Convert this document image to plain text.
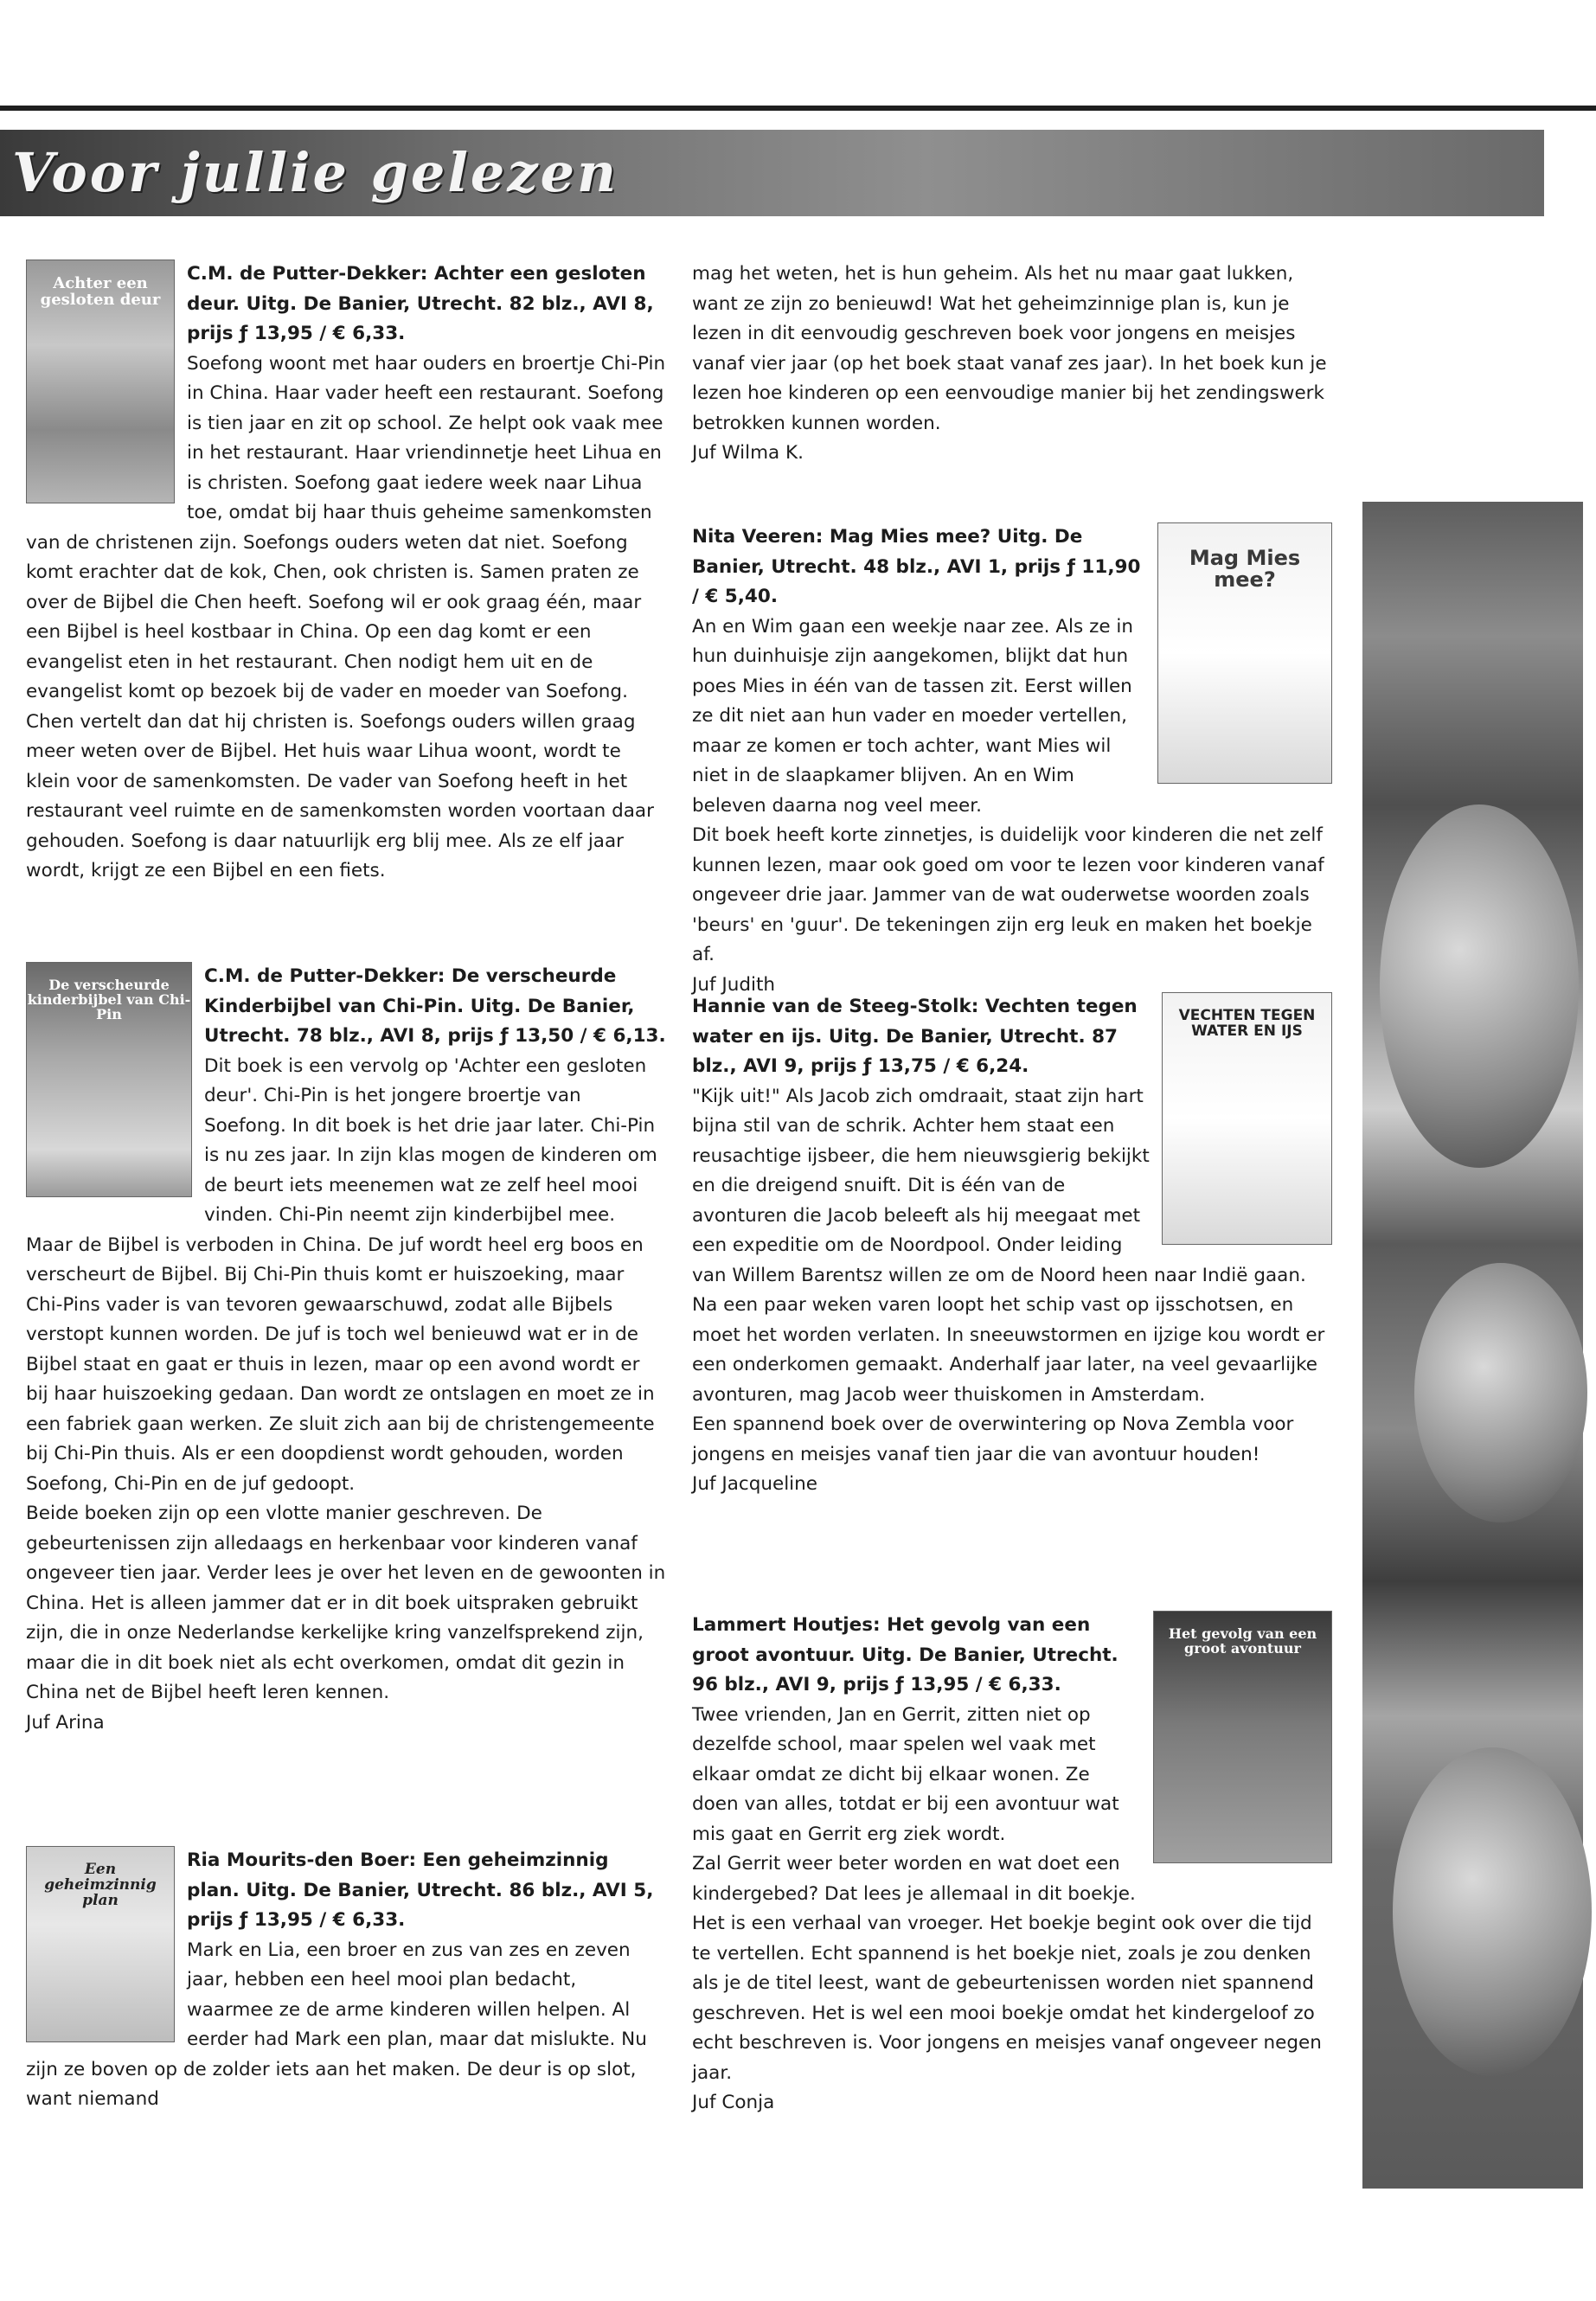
Voor jullie gelezen
Achter een gesloten deur

C.M. de Putter-Dekker: Achter een gesloten deur. Uitg. De Banier, Utrecht. 82 blz., AVI 8, prijs ƒ 13,95 / € 6,33.
Soefong woont met haar ouders en broertje Chi-Pin in China. Haar vader heeft een restaurant. Soefong is tien jaar en zit op school. Ze helpt ook vaak mee in het restaurant. Haar vriendinnetje heet Lihua en is christen. Soefong gaat iedere week naar Lihua toe, omdat bij haar thuis geheime samenkomsten van de christenen zijn. Soefongs ouders weten dat niet. Soefong komt erachter dat de kok, Chen, ook christen is. Samen praten ze over de Bijbel die Chen heeft. Soefong wil er ook graag één, maar een Bijbel is heel kostbaar in China. Op een dag komt er een evangelist eten in het restaurant. Chen nodigt hem uit en de evangelist komt op bezoek bij de vader en moeder van Soefong. Chen vertelt dan dat hij christen is. Soefongs ouders willen graag meer weten over de Bijbel. Het huis waar Lihua woont, wordt te klein voor de samenkomsten. De vader van Soefong heeft in het restaurant veel ruimte en de samenkomsten worden voortaan daar gehouden. Soefong is daar natuurlijk erg blij mee. Als ze elf jaar wordt, krijgt ze een Bijbel en een fiets.

De verscheurde kinderbijbel van Chi-Pin

C.M. de Putter-Dekker: De verscheurde Kinderbijbel van Chi-Pin. Uitg. De Banier, Utrecht. 78 blz., AVI 8, prijs ƒ 13,50 / € 6,13.
Dit boek is een vervolg op 'Achter een gesloten deur'. Chi-Pin is het jongere broertje van Soefong. In dit boek is het drie jaar later. Chi-Pin is nu zes jaar. In zijn klas mogen de kinderen om de beurt iets meenemen wat ze zelf heel mooi vinden. Chi-Pin neemt zijn kinderbijbel mee. Maar de Bijbel is verboden in China. De juf wordt heel erg boos en verscheurt de Bijbel. Bij Chi-Pin thuis komt er huiszoeking, maar Chi-Pins vader is van tevoren gewaarschuwd, zodat alle Bijbels verstopt kunnen worden. De juf is toch wel benieuwd wat er in de Bijbel staat en gaat er thuis in lezen, maar op een avond wordt er bij haar huiszoeking gedaan. Dan wordt ze ontslagen en moet ze in een fabriek gaan werken. Ze sluit zich aan bij de christengemeente bij Chi-Pin thuis. Als er een doopdienst wordt gehouden, worden Soefong, Chi-Pin en de juf gedoopt.

Beide boeken zijn op een vlotte manier geschreven. De gebeurtenissen zijn alledaags en herkenbaar voor kinderen vanaf ongeveer tien jaar. Verder lees je over het leven en de gewoonten in China. Het is alleen jammer dat er in dit boek uitspraken gebruikt zijn, die in onze Nederlandse kerkelijke kring vanzelfsprekend zijn, maar die in dit boek niet als echt overkomen, omdat dit gezin in China net de Bijbel heeft leren kennen.

Juf Arina

Een geheimzinnig plan

Ria Mourits-den Boer: Een geheimzinnig plan. Uitg. De Banier, Utrecht. 86 blz., AVI 5, prijs ƒ 13,95 / € 6,33.
Mark en Lia, een broer en zus van zes en zeven jaar, hebben een heel mooi plan bedacht, waarmee ze de arme kinderen willen helpen. Al eerder had Mark een plan, maar dat mislukte. Nu zijn ze boven op de zolder iets aan het maken. De deur is op slot, want niemand

mag het weten, het is hun geheim. Als het nu maar gaat lukken, want ze zijn zo benieuwd! Wat het geheimzinnige plan is, kun je lezen in dit eenvoudig geschreven boek voor jongens en meisjes vanaf vier jaar (op het boek staat vanaf zes jaar). In het boek kun je lezen hoe kinderen op een eenvoudige manier bij het zendingswerk betrokken kunnen worden.

Juf Wilma K.

Mag Mies mee?

Nita Veeren: Mag Mies mee? Uitg. De Banier, Utrecht. 48 blz., AVI 1, prijs ƒ 11,90 / € 5,40.
An en Wim gaan een weekje naar zee. Als ze in hun duinhuisje zijn aangekomen, blijkt dat hun poes Mies in één van de tassen zit. Eerst willen ze dit niet aan hun vader en moeder vertellen, maar ze komen er toch achter, want Mies wil niet in de slaapkamer blijven. An en Wim beleven daarna nog veel meer.

Dit boek heeft korte zinnetjes, is duidelijk voor kinderen die net zelf kunnen lezen, maar ook goed om voor te lezen voor kinderen vanaf ongeveer drie jaar. Jammer van de wat ouderwetse woorden zoals 'beurs' en 'guur'. De tekeningen zijn erg leuk en maken het boekje af.

Juf Judith

VECHTEN TEGEN WATER EN IJS

Hannie van de Steeg-Stolk: Vechten tegen water en ijs. Uitg. De Banier, Utrecht. 87 blz., AVI 9, prijs ƒ 13,75 / € 6,24.
"Kijk uit!" Als Jacob zich omdraait, staat zijn hart bijna stil van de schrik. Achter hem staat een reusachtige ijsbeer, die hem nieuwsgierig bekijkt en die dreigend snuift. Dit is één van de avonturen die Jacob beleeft als hij meegaat met een expeditie om de Noordpool. Onder leiding van Willem Barentsz willen ze om de Noord heen naar Indië gaan. Na een paar weken varen loopt het schip vast op ijsschotsen, en moet het worden verlaten. In sneeuwstormen en ijzige kou wordt er een onderkomen gemaakt. Anderhalf jaar later, na veel gevaarlijke avonturen, mag Jacob weer thuiskomen in Amsterdam.

Een spannend boek over de overwintering op Nova Zembla voor jongens en meisjes vanaf tien jaar die van avontuur houden!

Juf Jacqueline

Het gevolg van een groot avontuur

Lammert Houtjes: Het gevolg van een groot avontuur. Uitg. De Banier, Utrecht. 96 blz., AVI 9, prijs ƒ 13,95 / € 6,33.
Twee vrienden, Jan en Gerrit, zitten niet op dezelfde school, maar spelen wel vaak met elkaar omdat ze dicht bij elkaar wonen. Ze doen van alles, totdat er bij een avontuur wat mis gaat en Gerrit erg ziek wordt.

Zal Gerrit weer beter worden en wat doet een kindergebed? Dat lees je allemaal in dit boekje.

Het is een verhaal van vroeger. Het boekje begint ook over die tijd te vertellen. Echt spannend is het boekje niet, zoals je zou denken als je de titel leest, want de gebeurtenissen worden niet spannend geschreven. Het is wel een mooi boekje omdat het kindergeloof zo echt beschreven is. Voor jongens en meisjes vanaf ongeveer negen jaar.

Juf Conja
